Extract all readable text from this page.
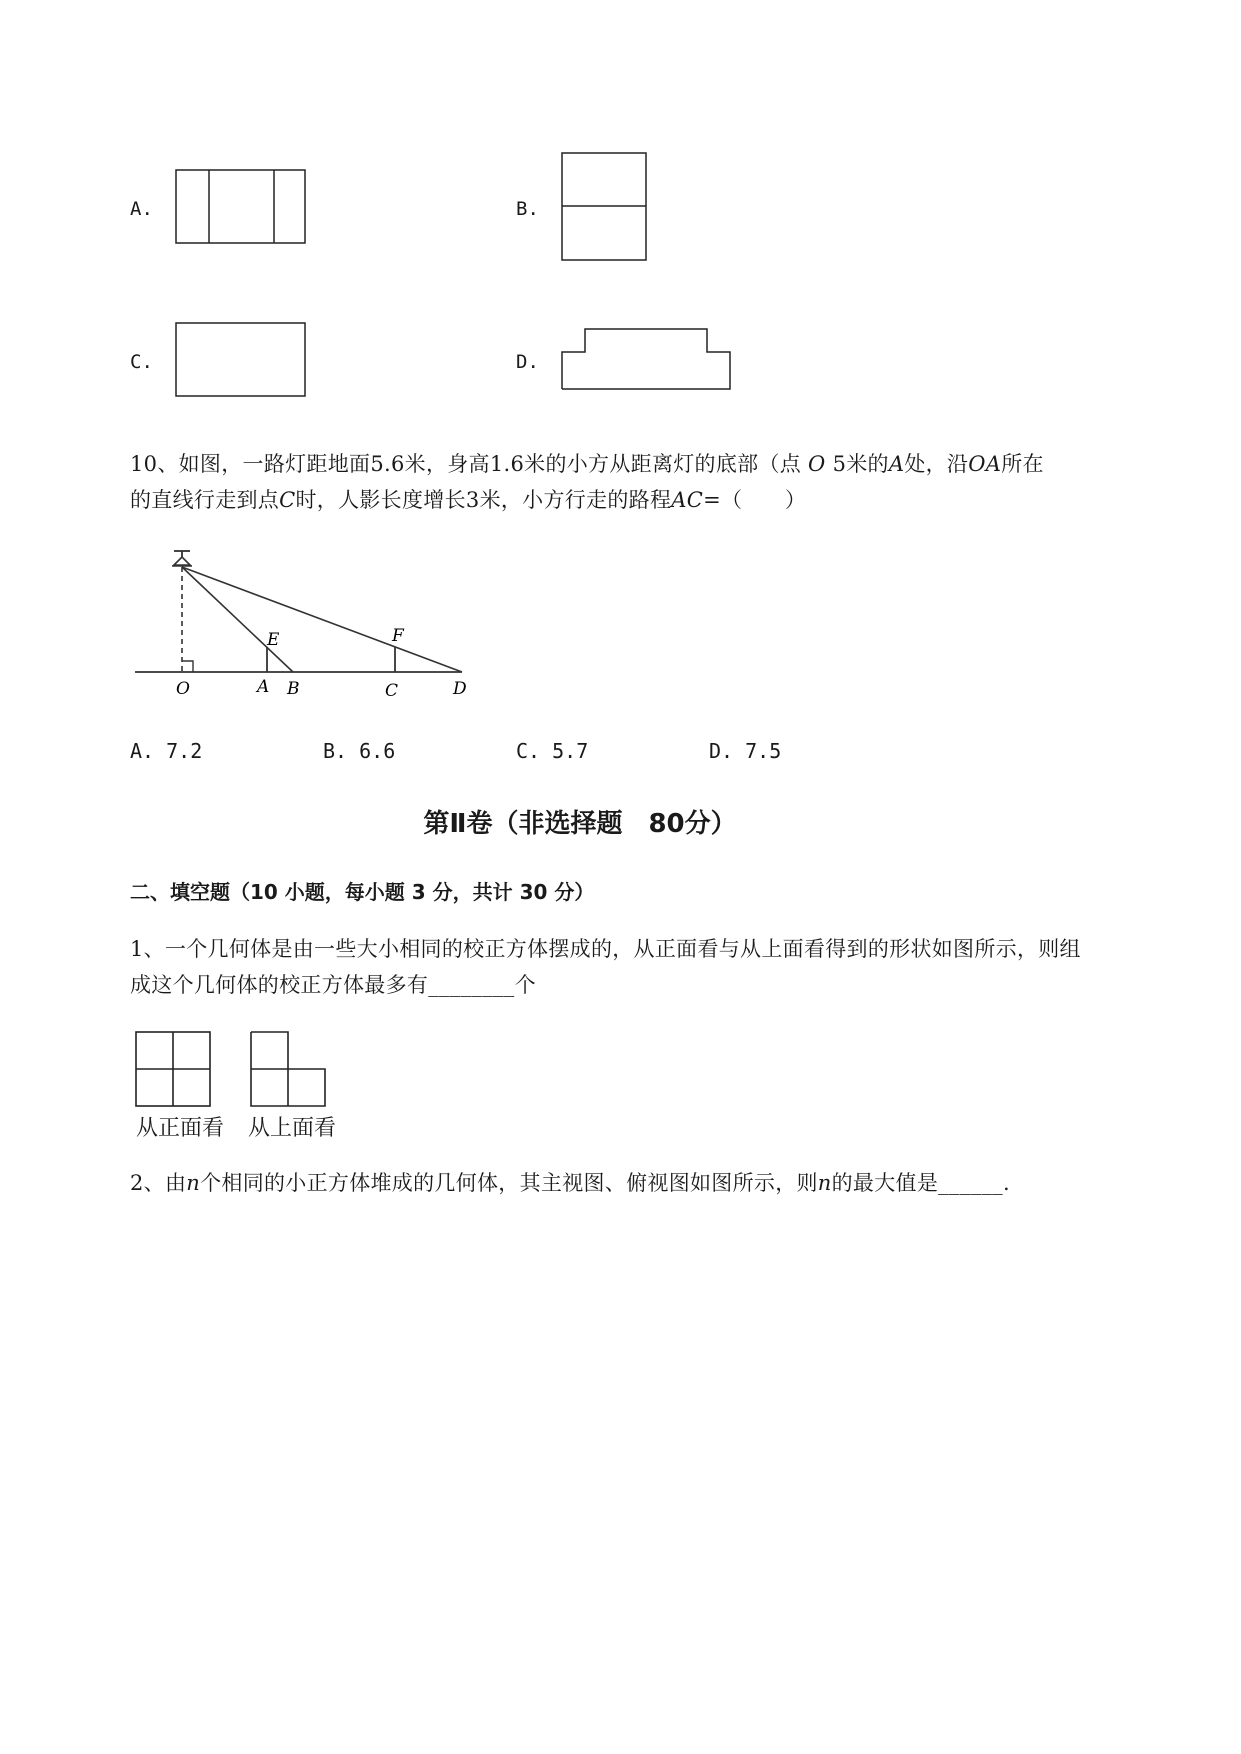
A.	B.
C.	D.
10、如图，一路灯距地面5.6米，身高1.6米的小方从距离灯的底部（点 O 5米的A处，沿OA所在
的直线行走到点C时，人影长度增长3米，小方行走的路程AC=（　　）
E	F
O	A B	C	D
A. 7.2	B. 6.6	C. 5.7	D. 7.5
第Ⅱ卷（非选择题　80分）
二、填空题（10 小题，每小题 3 分，共计 30 分）
1、一个几何体是由一些大小相同的校正方体摆成的，从正面看与从上面看得到的形状如图所示，则组
成这个几何体的校正方体最多有________个
从正面看 从上面看
2、由n个相同的小正方体堆成的几何体，其主视图、俯视图如图所示，则n的最大值是______.
